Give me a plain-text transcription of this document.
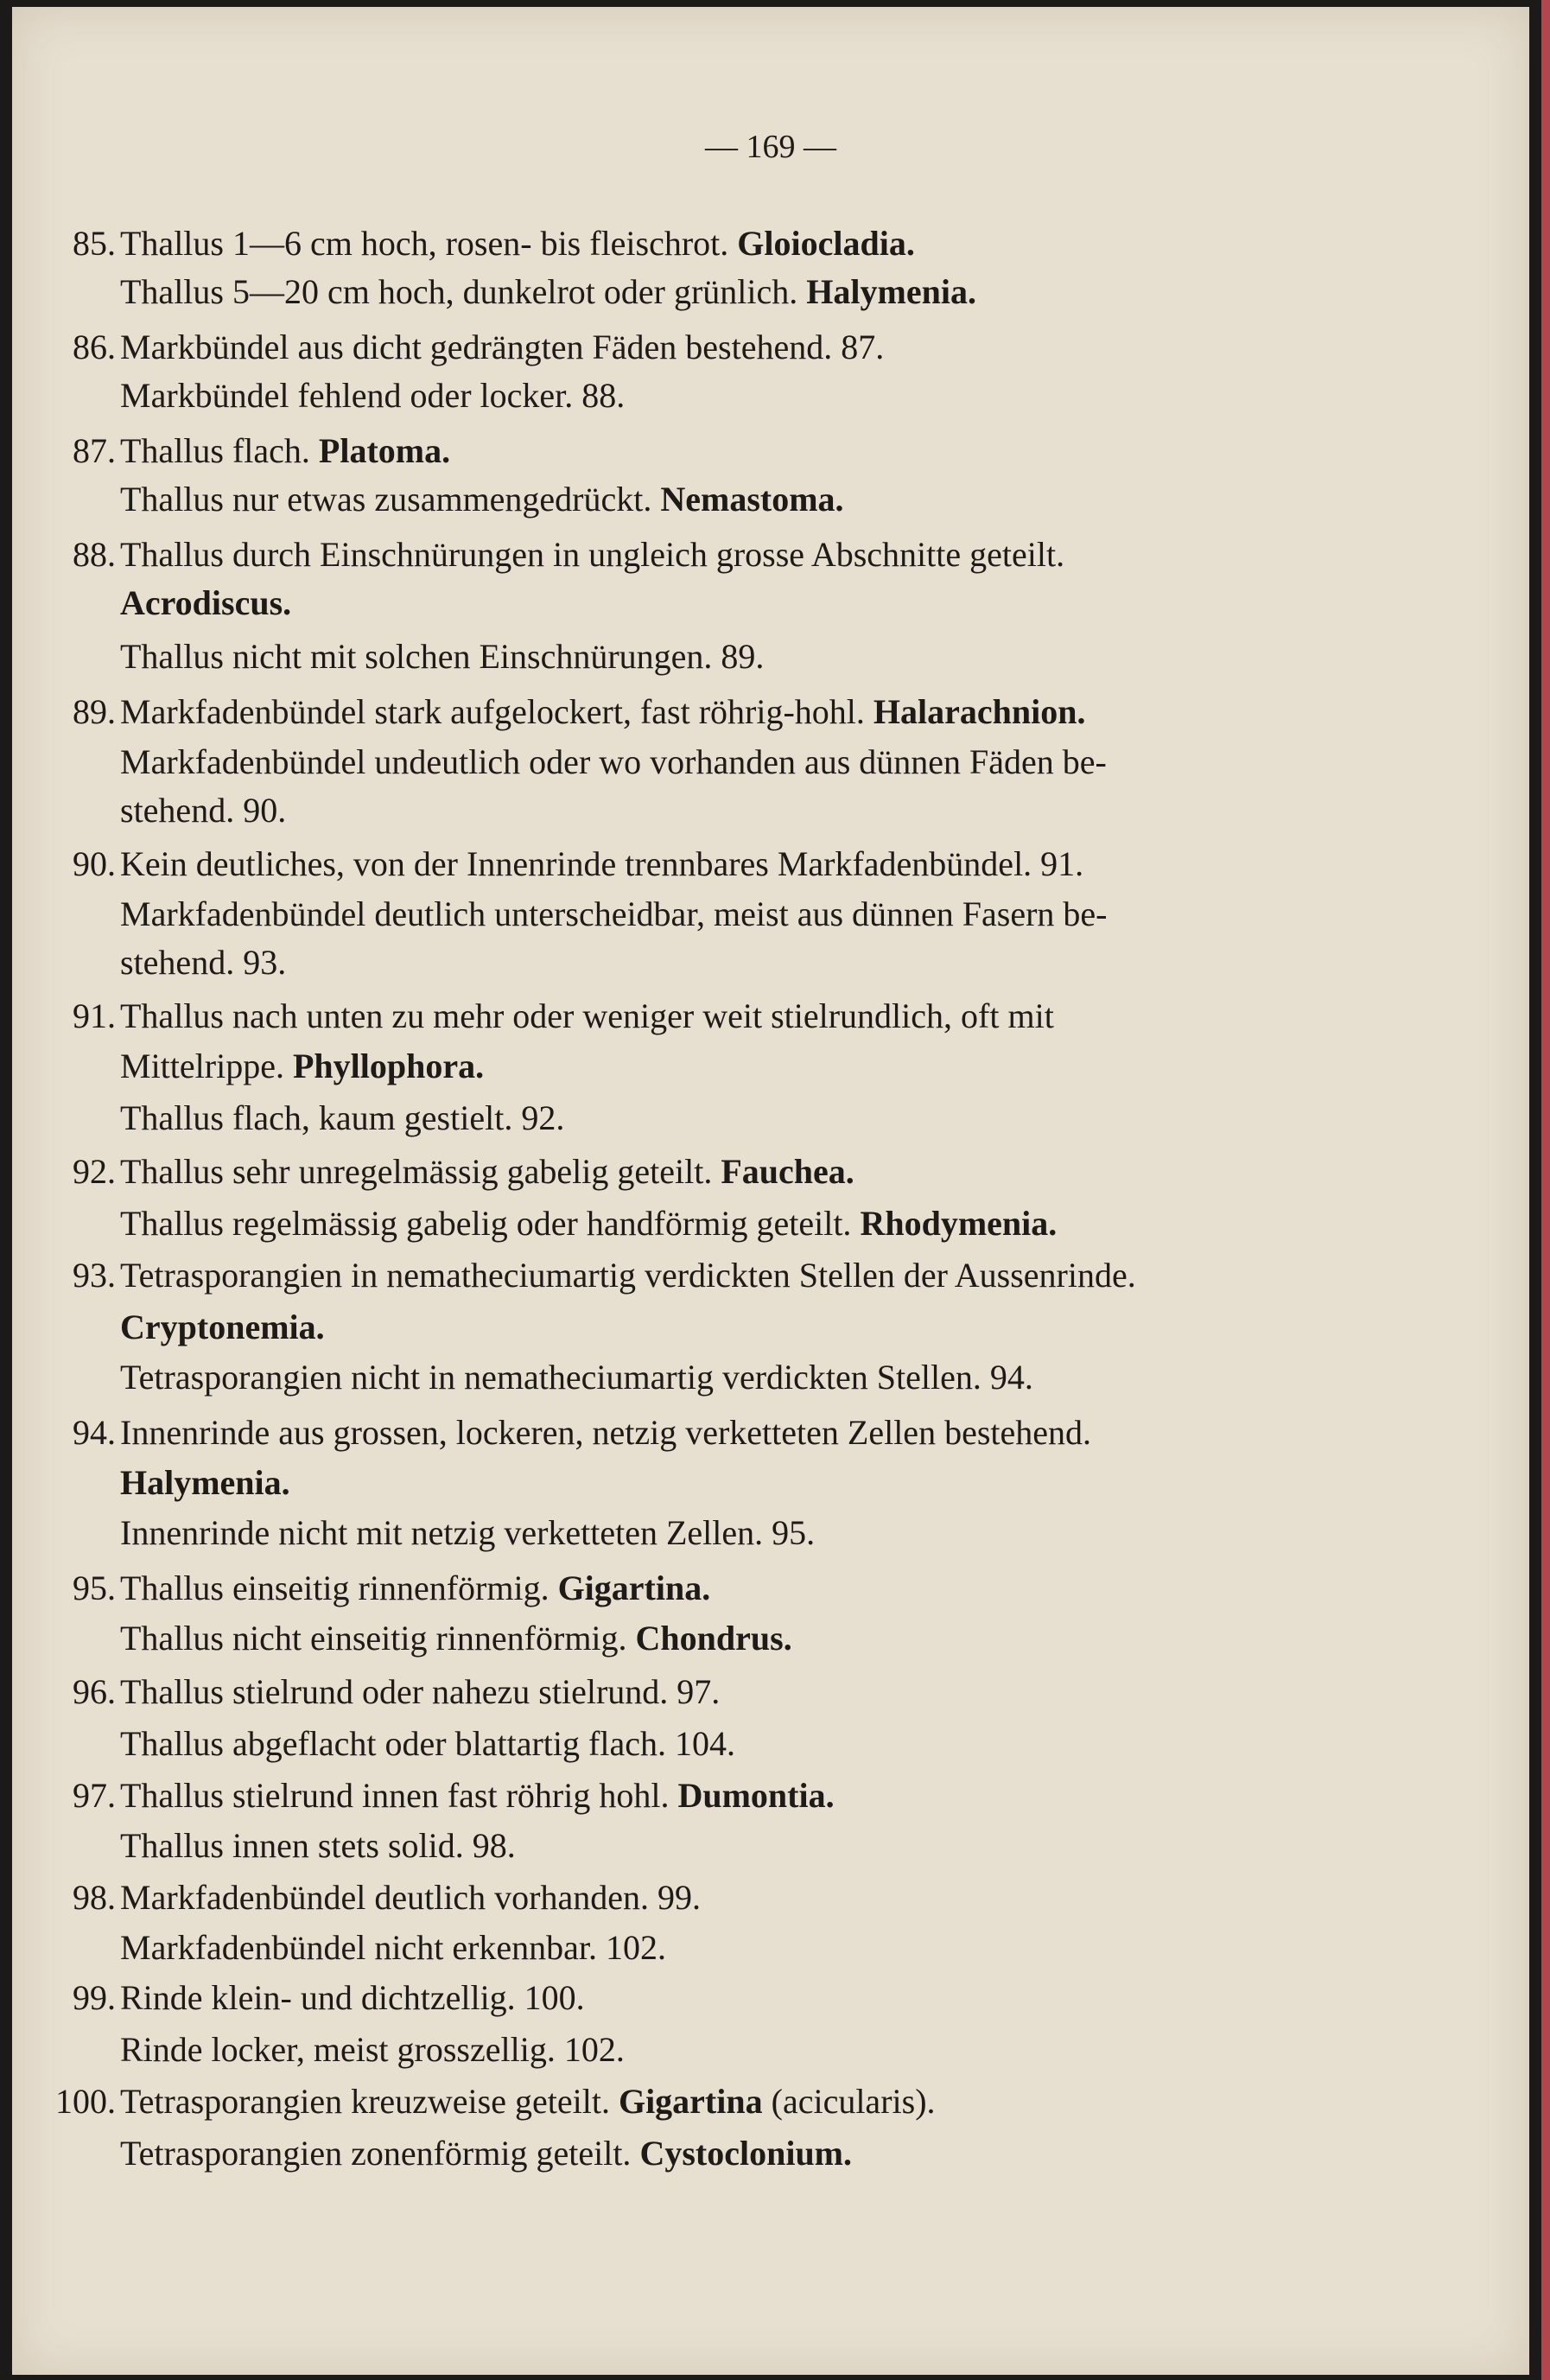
— 169 —
85. Thallus 1—6 cm hoch, rosen- bis fleischrot. Gloiocladia.
Thallus 5—20 cm hoch, dunkelrot oder grünlich. Halymenia.
86. Markbündel aus dicht gedrängten Fäden bestehend. 87.
Markbündel fehlend oder locker. 88.
87. Thallus flach. Platoma.
Thallus nur etwas zusammengedrückt. Nemastoma.
88. Thallus durch Einschnürungen in ungleich grosse Abschnitte geteilt.
Acrodiscus.
Thallus nicht mit solchen Einschnürungen. 89.
89. Markfadenbündel stark aufgelockert, fast röhrig-hohl. Halarachnion.
Markfadenbündel undeutlich oder wo vorhanden aus dünnen Fäden be-
stehend. 90.
90. Kein deutliches, von der Innenrinde trennbares Markfadenbündel. 91.
Markfadenbündel deutlich unterscheidbar, meist aus dünnen Fasern be-
stehend. 93.
91. Thallus nach unten zu mehr oder weniger weit stielrundlich, oft mit
Mittelrippe. Phyllophora.
Thallus flach, kaum gestielt. 92.
92. Thallus sehr unregelmässig gabelig geteilt. Fauchea.
Thallus regelmässig gabelig oder handförmig geteilt. Rhodymenia.
93. Tetrasporangien in nematheciumartig verdickten Stellen der Aussenrinde.
Cryptonemia.
Tetrasporangien nicht in nematheciumartig verdickten Stellen. 94.
94. Innenrinde aus grossen, lockeren, netzig verketteten Zellen bestehend.
Halymenia.
Innenrinde nicht mit netzig verketteten Zellen. 95.
95. Thallus einseitig rinnenförmig. Gigartina.
Thallus nicht einseitig rinnenförmig. Chondrus.
96. Thallus stielrund oder nahezu stielrund. 97.
Thallus abgeflacht oder blattartig flach. 104.
97. Thallus stielrund innen fast röhrig hohl. Dumontia.
Thallus innen stets solid. 98.
98. Markfadenbündel deutlich vorhanden. 99.
Markfadenbündel nicht erkennbar. 102.
99. Rinde klein- und dichtzellig. 100.
Rinde locker, meist grosszellig. 102.
100. Tetrasporangien kreuzweise geteilt. Gigartina (acicularis).
Tetrasporangien zonenförmig geteilt. Cystoclonium.
